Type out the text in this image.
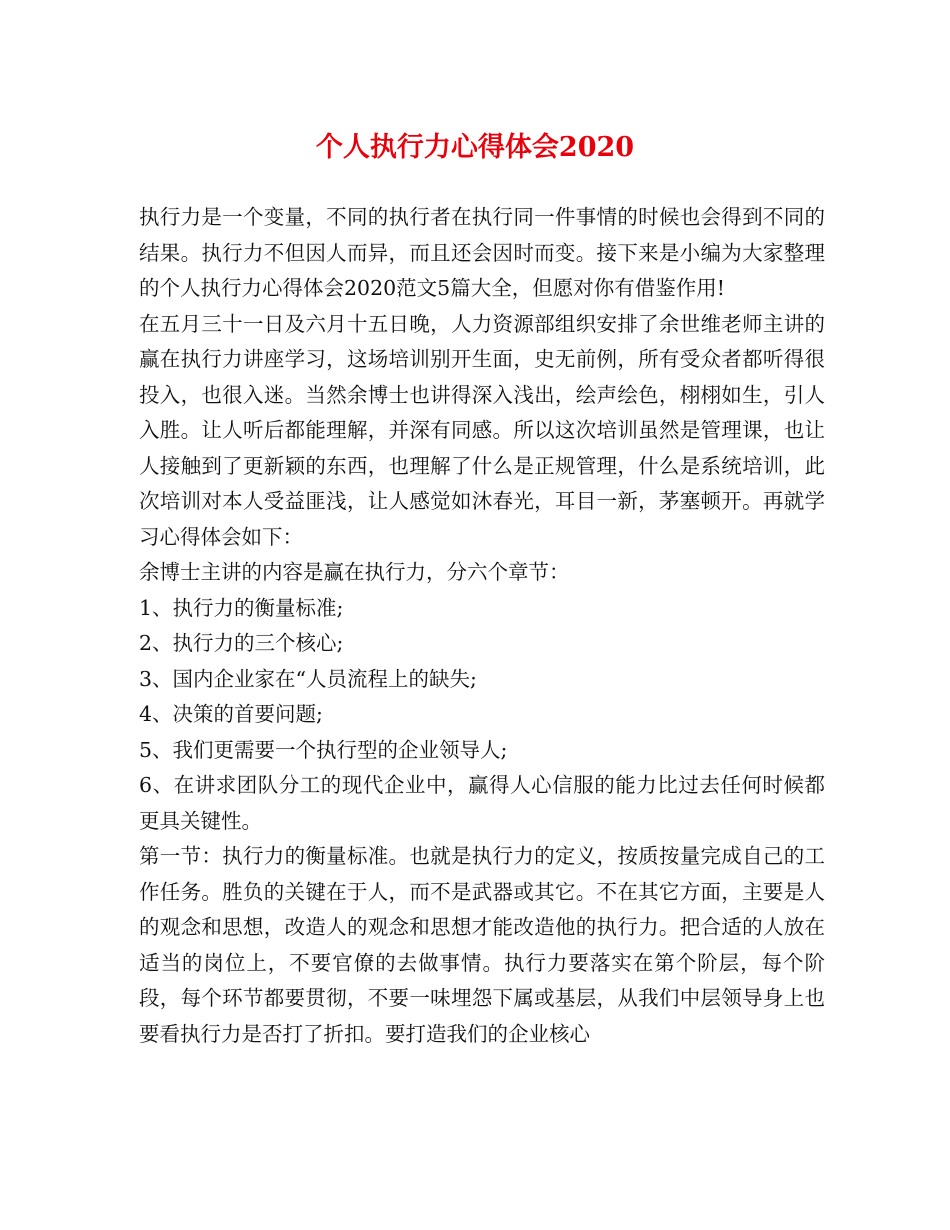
个人执行力心得体会2020

执行力是一个变量，不同的执行者在执行同一件事情的时候也会得到不同的结果。执行力不但因人而异，而且还会因时而变。接下来是小编为大家整理的个人执行力心得体会2020范文5篇大全，但愿对你有借鉴作用!

在五月三十一日及六月十五日晚，人力资源部组织安排了余世维老师主讲的赢在执行力讲座学习，这场培训别开生面，史无前例，所有受众者都听得很投入，也很入迷。当然余博士也讲得深入浅出，绘声绘色，栩栩如生，引人入胜。让人听后都能理解，并深有同感。所以这次培训虽然是管理课，也让人接触到了更新颖的东西，也理解了什么是正规管理，什么是系统培训，此次培训对本人受益匪浅，让人感觉如沐春光，耳目一新，茅塞顿开。再就学习心得体会如下：

余博士主讲的内容是赢在执行力，分六个章节：

1、执行力的衡量标准;

2、执行力的三个核心;

3、国内企业家在“人员流程上的缺失;

4、决策的首要问题;

5、我们更需要一个执行型的企业领导人;

6、在讲求团队分工的现代企业中，赢得人心信服的能力比过去任何时候都更具关键性。

第一节：执行力的衡量标准。也就是执行力的定义，按质按量完成自己的工作任务。胜负的关键在于人，而不是武器或其它。不在其它方面，主要是人的观念和思想，改造人的观念和思想才能改造他的执行力。把合适的人放在适当的岗位上，不要官僚的去做事情。执行力要落实在第个阶层，每个阶段，每个环节都要贯彻，不要一味埋怨下属或基层，从我们中层领导身上也要看执行力是否打了折扣。要打造我们的企业核心
